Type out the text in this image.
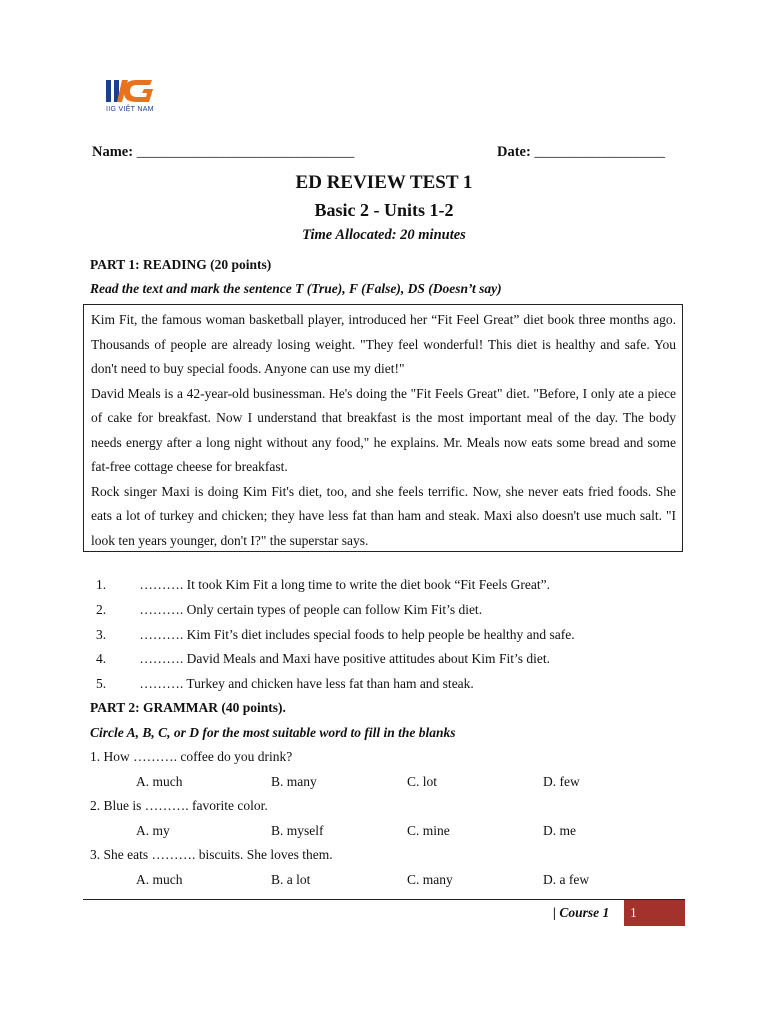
IIG VIỆT NAM
Name: ______________________________	Date: __________________
ED REVIEW TEST 1
Basic 2 - Units 1-2
Time Allocated: 20 minutes
PART 1: READING (20 points)
Read the text and mark the sentence T (True), F (False), DS (Doesn’t say)

Kim Fit, the famous woman basketball player, introduced her “Fit Feel Great” diet book three months ago. Thousands of people are already losing weight. "They feel wonderful! This diet is healthy and safe. You don't need to buy special foods. Anyone can use my diet!"

David Meals is a 42-year-old businessman. He's doing the "Fit Feels Great" diet. "Before, I only ate a piece of cake for breakfast. Now I understand that breakfast is the most important meal of the day. The body needs energy after a long night without any food," he explains. Mr. Meals now eats some bread and some fat-free cottage cheese for breakfast.

Rock singer Maxi is doing Kim Fit's diet, too, and she feels terrific. Now, she never eats fried foods. She eats a lot of turkey and chicken; they have less fat than ham and steak. Maxi also doesn't use much salt. "I look ten years younger, don't I?" the superstar says.

1. ………. It took Kim Fit a long time to write the diet book “Fit Feels Great”.
2. ………. Only certain types of people can follow Kim Fit’s diet.
3. ………. Kim Fit’s diet includes special foods to help people be healthy and safe.
4. ………. David Meals and Maxi have positive attitudes about Kim Fit’s diet.
5. ………. Turkey and chicken have less fat than ham and steak.
PART 2: GRAMMAR (40 points).
Circle A, B, C, or D for the most suitable word to fill in the blanks
1. How ………. coffee do you drink?
A. much	B. many	C. lot	D. few
2. Blue is ………. favorite color.
A. my	B. myself	C. mine	D. me
3. She eats ………. biscuits. She loves them.
A. much	B. a lot	C. many	D. a few
| Course 1	1
